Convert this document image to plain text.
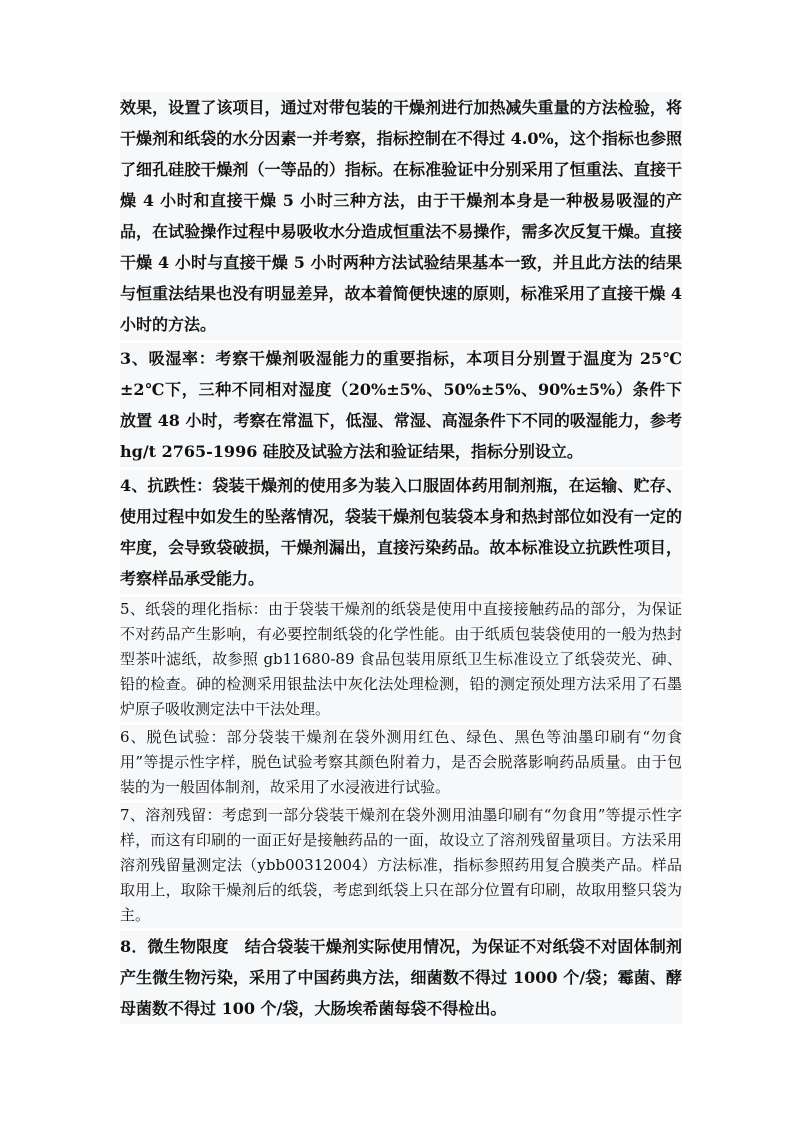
效果，设置了该项目，通过对带包装的干燥剂进行加热减失重量的方法检验，将干燥剂和纸袋的水分因素一并考察，指标控制在不得过 4.0%，这个指标也参照了细孔硅胶干燥剂（一等品的）指标。在标准验证中分别采用了恒重法、直接干燥 4 小时和直接干燥 5 小时三种方法，由于干燥剂本身是一种极易吸湿的产品，在试验操作过程中易吸收水分造成恒重法不易操作，需多次反复干燥。直接干燥 4 小时与直接干燥 5 小时两种方法试验结果基本一致，并且此方法的结果与恒重法结果也没有明显差异，故本着简便快速的原则，标准采用了直接干燥 4 小时的方法。

3、吸湿率：考察干燥剂吸湿能力的重要指标，本项目分别置于温度为 25℃±2℃下，三种不同相对湿度（20%±5%、50%±5%、90%±5%）条件下放置 48 小时，考察在常温下，低湿、常湿、高湿条件下不同的吸湿能力，参考 hg/t 2765-1996 硅胶及试验方法和验证结果，指标分别设立。

4、抗跌性：袋装干燥剂的使用多为装入口服固体药用制剂瓶，在运输、贮存、使用过程中如发生的坠落情况，袋装干燥剂包装袋本身和热封部位如没有一定的牢度，会导致袋破损，干燥剂漏出，直接污染药品。故本标准设立抗跌性项目，考察样品承受能力。

5、纸袋的理化指标：由于袋装干燥剂的纸袋是使用中直接接触药品的部分，为保证不对药品产生影响，有必要控制纸袋的化学性能。由于纸质包装袋使用的一般为热封型茶叶滤纸，故参照 gb11680-89 食品包装用原纸卫生标准设立了纸袋荧光、砷、铅的检查。砷的检测采用银盐法中灰化法处理检测，铅的测定预处理方法采用了石墨炉原子吸收测定法中干法处理。

6、脱色试验：部分袋装干燥剂在袋外测用红色、绿色、黑色等油墨印刷有“勿食用”等提示性字样，脱色试验考察其颜色附着力，是否会脱落影响药品质量。由于包装的为一般固体制剂，故采用了水浸液进行试验。

7、溶剂残留：考虑到一部分袋装干燥剂在袋外测用油墨印刷有“勿食用”等提示性字样，而这有印刷的一面正好是接触药品的一面，故设立了溶剂残留量项目。方法采用溶剂残留量测定法（ybb00312004）方法标准，指标参照药用复合膜类产品。样品取用上，取除干燥剂后的纸袋，考虑到纸袋上只在部分位置有印刷，故取用整只袋为主。

8．微生物限度　结合袋装干燥剂实际使用情况，为保证不对纸袋不对固体制剂产生微生物污染，采用了中国药典方法，细菌数不得过 1000 个/袋；霉菌、酵母菌数不得过 100 个/袋，大肠埃希菌每袋不得检出。
